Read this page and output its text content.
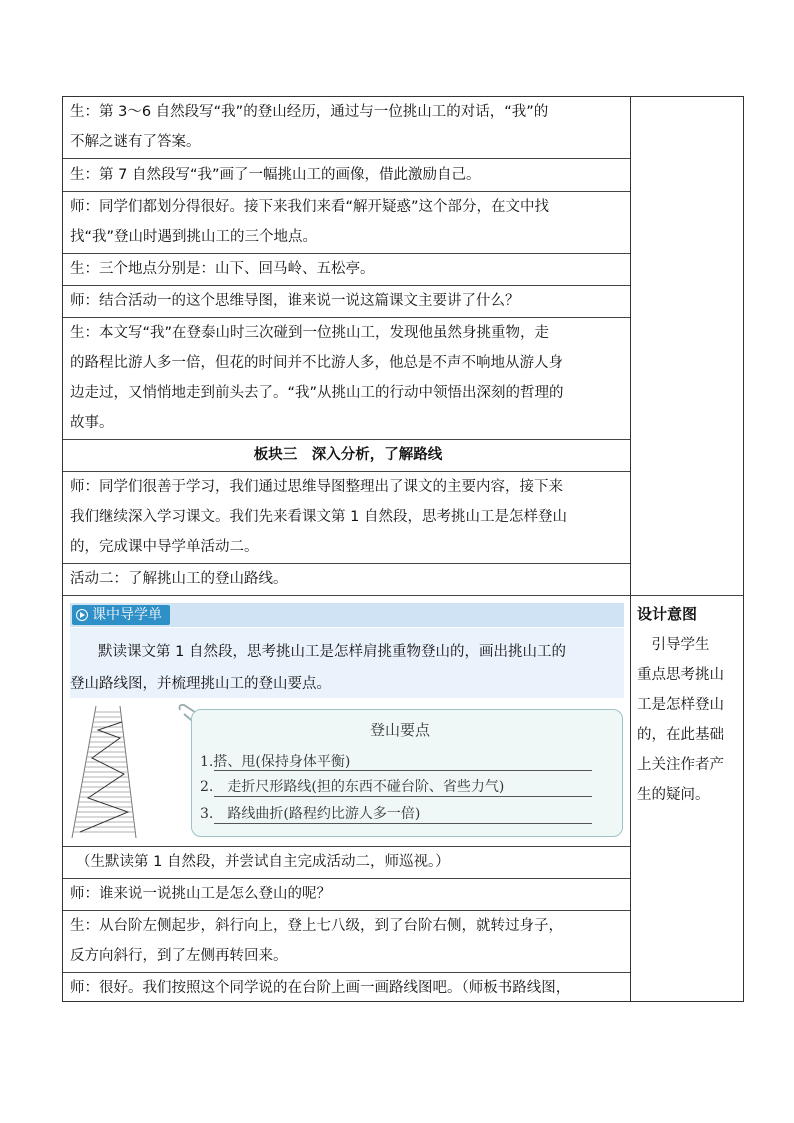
生：第 3～6 自然段写“我”的登山经历，通过与一位挑山工的对话，“我”的
不解之谜有了答案。
生：第 7 自然段写“我”画了一幅挑山工的画像，借此激励自己。
师：同学们都划分得很好。接下来我们来看“解开疑惑”这个部分，在文中找
找“我”登山时遇到挑山工的三个地点。
生：三个地点分别是：山下、回马岭、五松亭。
师：结合活动一的这个思维导图，谁来说一说这篇课文主要讲了什么？
生：本文写“我”在登泰山时三次碰到一位挑山工，发现他虽然身挑重物，走
的路程比游人多一倍，但花的时间并不比游人多，他总是不声不响地从游人身
边走过，又悄悄地走到前头去了。“我”从挑山工的行动中领悟出深刻的哲理的
故事。
板块三　深入分析，了解路线
师：同学们很善于学习，我们通过思维导图整理出了课文的主要内容，接下来
我们继续深入学习课文。我们先来看课文第 1 自然段，思考挑山工是怎样登山
的，完成课中导学单活动二。
活动二：了解挑山工的登山路线。
课中导学单
默读课文第 1 自然段，思考挑山工是怎样肩挑重物登山的，画出挑山工的
登山路线图，并梳理挑山工的登山要点。
登山要点
1.搭、甩(保持身体平衡)
2.　走折尺形路线(担的东西不碰台阶、省些力气)
3.　路线曲折(路程约比游人多一倍)
（生默读第 1 自然段，并尝试自主完成活动二，师巡视。）
师：谁来说一说挑山工是怎么登山的呢？
生：从台阶左侧起步，斜行向上，登上七八级，到了台阶右侧，就转过身子，
反方向斜行，到了左侧再转回来。
师：很好。我们按照这个同学说的在台阶上画一画路线图吧。（师板书路线图，
设计意图
　引导学生
重点思考挑山
工是怎样登山
的，在此基础
上关注作者产
生的疑问。
